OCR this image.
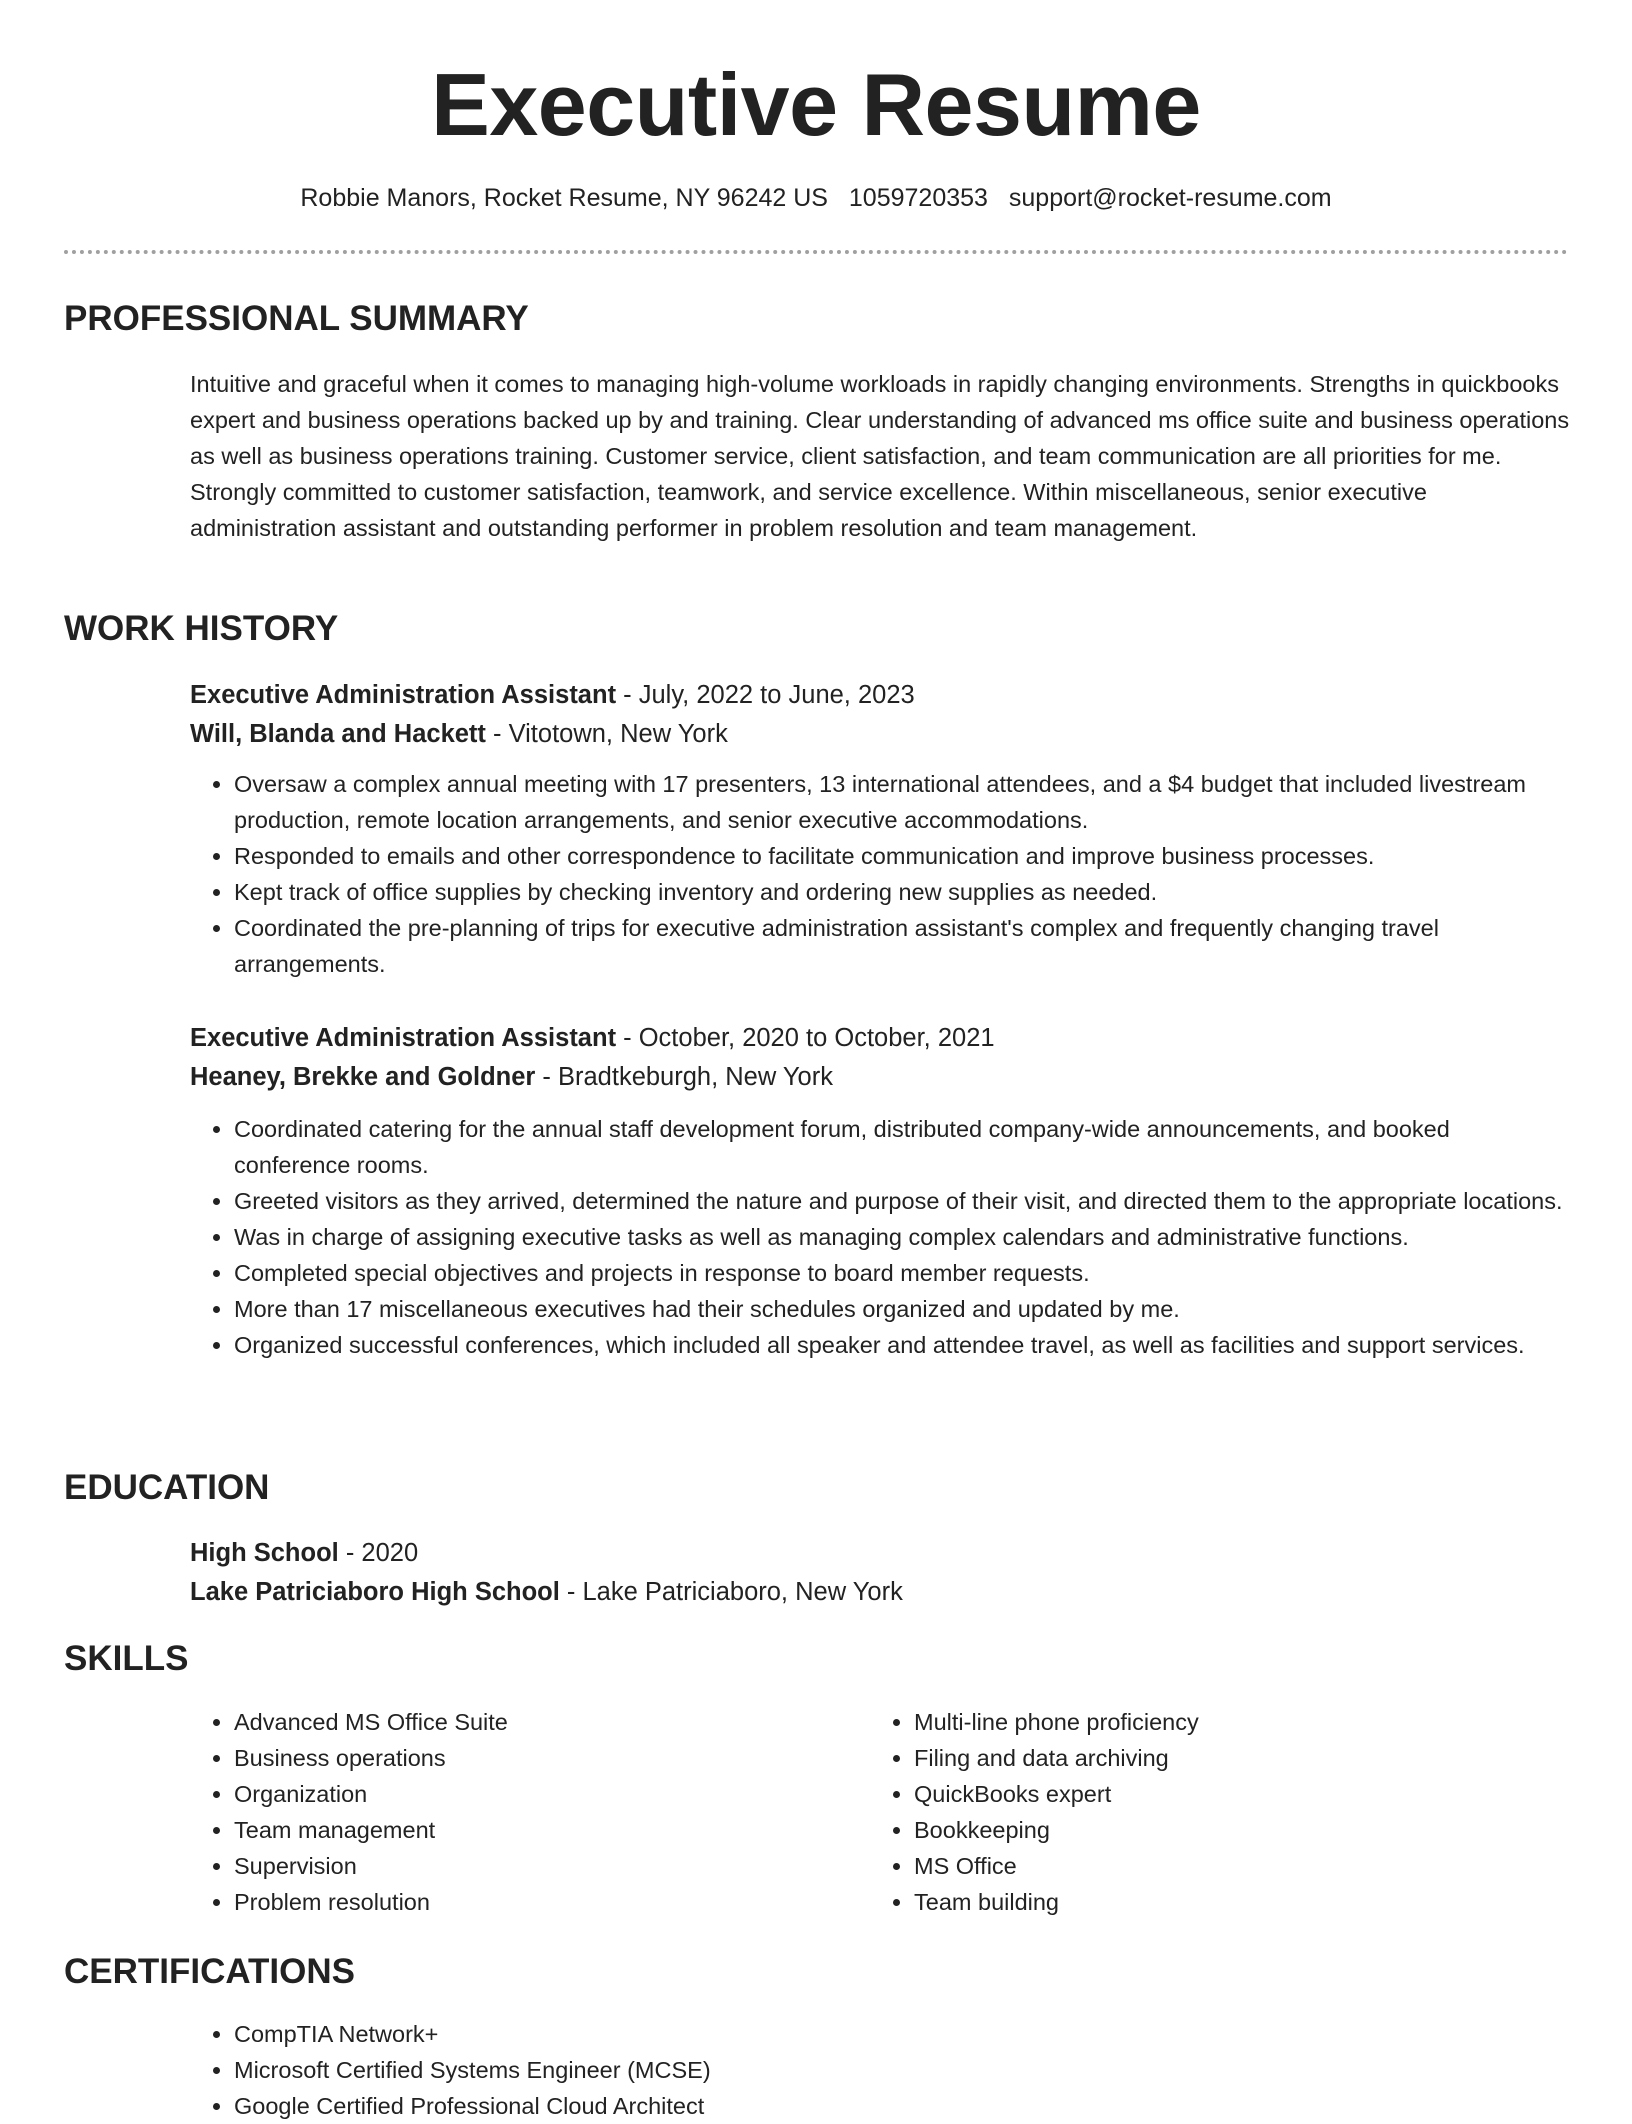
Executive Resume
Robbie Manors, Rocket Resume, NY 96242 US 1059720353 support@rocket-resume.com
PROFESSIONAL SUMMARY
Intuitive and graceful when it comes to managing high-volume workloads in rapidly changing environments. Strengths in quickbooks expert and business operations backed up by and training. Clear understanding of advanced ms office suite and business operations as well as business operations training. Customer service, client satisfaction, and team communication are all priorities for me. Strongly committed to customer satisfaction, teamwork, and service excellence. Within miscellaneous, senior executive administration assistant and outstanding performer in problem resolution and team management.
WORK HISTORY
Executive Administration Assistant - July, 2022 to June, 2023
Will, Blanda and Hackett - Vitotown, New York
• Oversaw a complex annual meeting with 17 presenters, 13 international attendees, and a $4 budget that included livestream production, remote location arrangements, and senior executive accommodations.
• Responded to emails and other correspondence to facilitate communication and improve business processes.
• Kept track of office supplies by checking inventory and ordering new supplies as needed.
• Coordinated the pre-planning of trips for executive administration assistant's complex and frequently changing travel arrangements.
Executive Administration Assistant - October, 2020 to October, 2021
Heaney, Brekke and Goldner - Bradtkeburgh, New York
• Coordinated catering for the annual staff development forum, distributed company-wide announcements, and booked conference rooms.
• Greeted visitors as they arrived, determined the nature and purpose of their visit, and directed them to the appropriate locations.
• Was in charge of assigning executive tasks as well as managing complex calendars and administrative functions.
• Completed special objectives and projects in response to board member requests.
• More than 17 miscellaneous executives had their schedules organized and updated by me.
• Organized successful conferences, which included all speaker and attendee travel, as well as facilities and support services.
EDUCATION
High School - 2020
Lake Patriciaboro High School - Lake Patriciaboro, New York
SKILLS
• Advanced MS Office Suite
• Business operations
• Organization
• Team management
• Supervision
• Problem resolution
• Multi-line phone proficiency
• Filing and data archiving
• QuickBooks expert
• Bookkeeping
• MS Office
• Team building
CERTIFICATIONS
• CompTIA Network+
• Microsoft Certified Systems Engineer (MCSE)
• Google Certified Professional Cloud Architect
